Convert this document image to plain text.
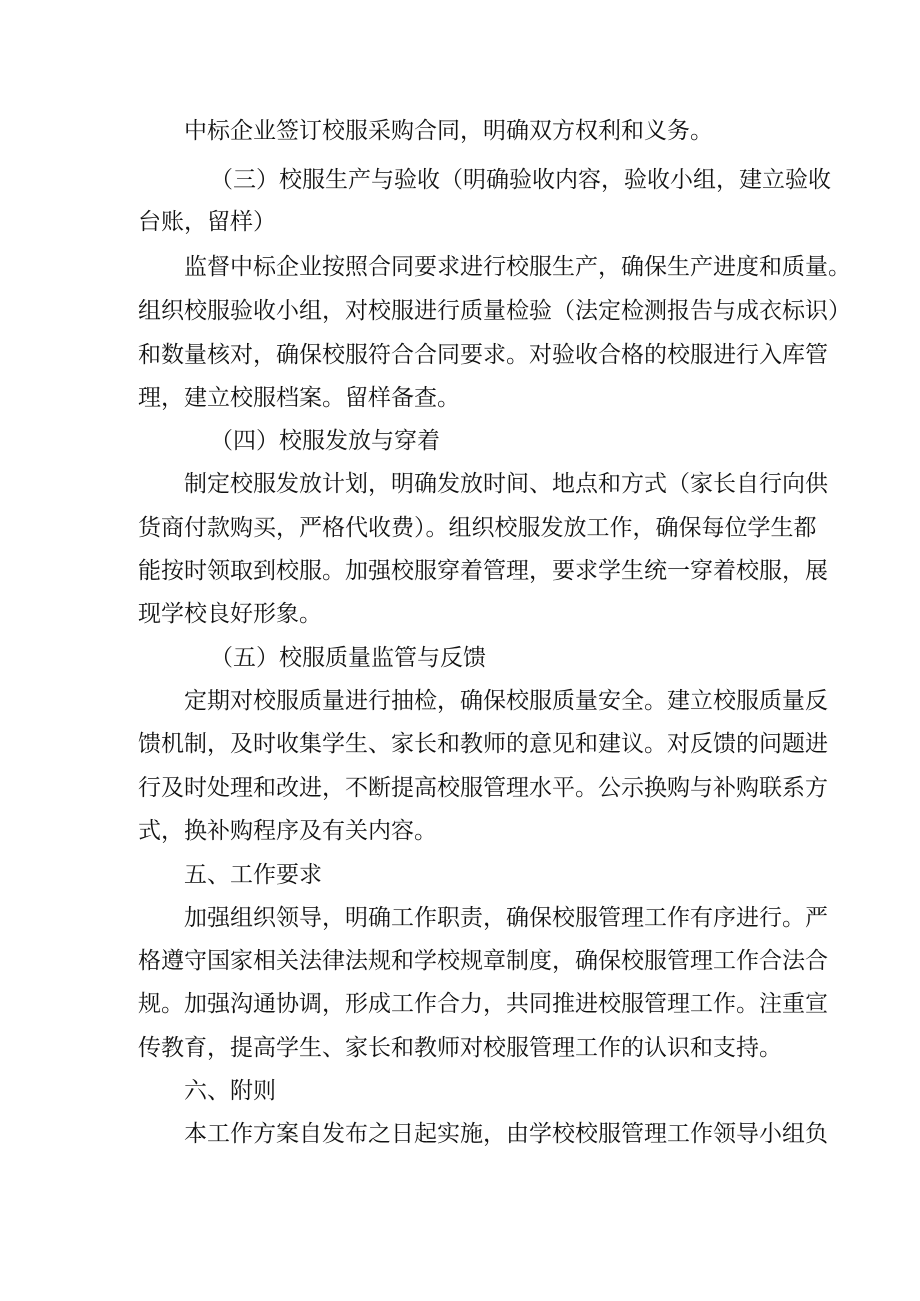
中标企业签订校服采购合同，明确双方权利和义务。
（三）校服生产与验收（明确验收内容，验收小组，建立验收
台账，留样）
监督中标企业按照合同要求进行校服生产，确保生产进度和质量。
组织校服验收小组，对校服进行质量检验（法定检测报告与成衣标识）
和数量核对，确保校服符合合同要求。对验收合格的校服进行入库管
理，建立校服档案。留样备查。
（四）校服发放与穿着
制定校服发放计划，明确发放时间、地点和方式（家长自行向供
货商付款购买，严格代收费）。组织校服发放工作，确保每位学生都
能按时领取到校服。加强校服穿着管理，要求学生统一穿着校服，展
现学校良好形象。
（五）校服质量监管与反馈
定期对校服质量进行抽检，确保校服质量安全。建立校服质量反
馈机制，及时收集学生、家长和教师的意见和建议。对反馈的问题进
行及时处理和改进，不断提高校服管理水平。公示换购与补购联系方
式，换补购程序及有关内容。
五、工作要求
加强组织领导，明确工作职责，确保校服管理工作有序进行。严
格遵守国家相关法律法规和学校规章制度，确保校服管理工作合法合
规。加强沟通协调，形成工作合力，共同推进校服管理工作。注重宣
传教育，提高学生、家长和教师对校服管理工作的认识和支持。
六、附则
本工作方案自发布之日起实施，由学校校服管理工作领导小组负
